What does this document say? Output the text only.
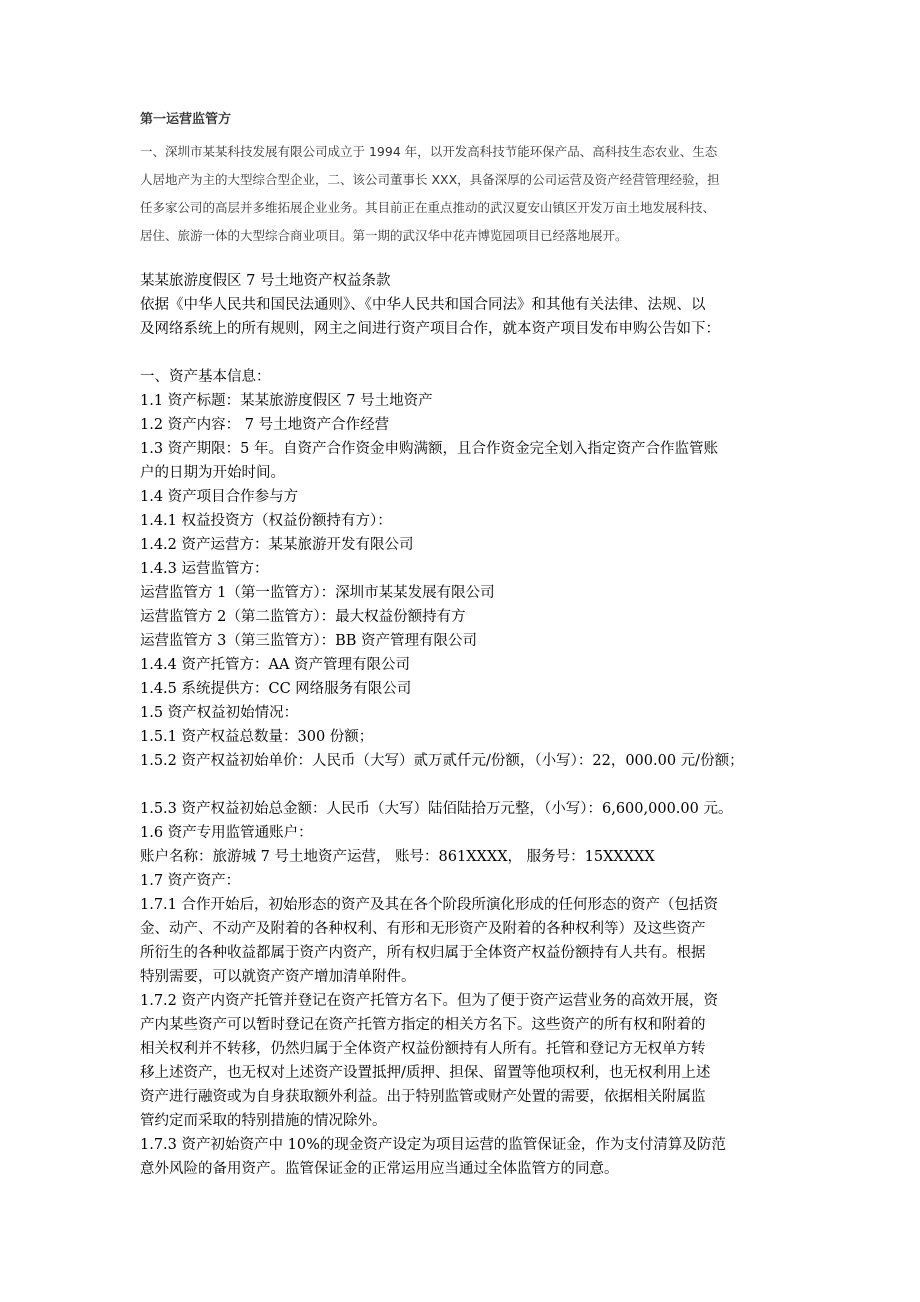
第一运营监管方

一、深圳市某某科技发展有限公司成立于 1994 年，以开发高科技节能环保产品、高科技生态农业、生态
人居地产为主的大型综合型企业，二、该公司董事长 XXX，具备深厚的公司运营及资产经营管理经验，担
任多家公司的高层并多维拓展企业业务。其目前正在重点推动的武汉夏安山镇区开发万亩土地发展科技、
居住、旅游一体的大型综合商业项目。第一期的武汉华中花卉博览园项目已经落地展开。

某某旅游度假区 7 号土地资产权益条款

依据《中华人民共和国民法通则》、《中华人民共和国合同法》和其他有关法律、法规、以

及网络系统上的所有规则，网主之间进行资产项目合作，就本资产项目发布申购公告如下：

一、资产基本信息：

1.1 资产标题：某某旅游度假区 7 号土地资产

1.2 资产内容： 7 号土地资产合作经营

1.3 资产期限：5 年。自资产合作资金申购满额，且合作资金完全划入指定资产合作监管账

户的日期为开始时间。

1.4 资产项目合作参与方

1.4.1 权益投资方（权益份额持有方）：

1.4.2 资产运营方：某某旅游开发有限公司

1.4.3 运营监管方：

运营监管方 1（第一监管方）：深圳市某某发展有限公司

运营监管方 2（第二监管方）：最大权益份额持有方

运营监管方 3（第三监管方）：BB 资产管理有限公司

1.4.4 资产托管方：AA 资产管理有限公司

1.4.5 系统提供方：CC 网络服务有限公司

1.5 资产权益初始情况：

1.5.1 资产权益总数量：300 份额；

1.5.2 资产权益初始单价：人民币（大写）贰万贰仟元/份额，（小写）：22，000.00 元/份额；

1.5.3 资产权益初始总金额：人民币（大写）陆佰陆拾万元整，（小写）：6,600,000.00 元。

1.6 资产专用监管通账户：

账户名称：旅游城 7 号土地资产运营， 账号：861XXXX， 服务号：15XXXXX

1.7 资产资产：

1.7.1 合作开始后，初始形态的资产及其在各个阶段所演化形成的任何形态的资产（包括资

金、动产、不动产及附着的各种权利、有形和无形资产及附着的各种权利等）及这些资产

所衍生的各种收益都属于资产内资产，所有权归属于全体资产权益份额持有人共有。根据

特别需要，可以就资产资产增加清单附件。

1.7.2 资产内资产托管并登记在资产托管方名下。但为了便于资产运营业务的高效开展，资

产内某些资产可以暂时登记在资产托管方指定的相关方名下。这些资产的所有权和附着的

相关权利并不转移，仍然归属于全体资产权益份额持有人所有。托管和登记方无权单方转

移上述资产，也无权对上述资产设置抵押/质押、担保、留置等他项权利，也无权利用上述

资产进行融资或为自身获取额外利益。出于特别监管或财产处置的需要，依据相关附属监

管约定而采取的特别措施的情况除外。

1.7.3 资产初始资产中 10%的现金资产设定为项目运营的监管保证金，作为支付清算及防范

意外风险的备用资产。监管保证金的正常运用应当通过全体监管方的同意。
